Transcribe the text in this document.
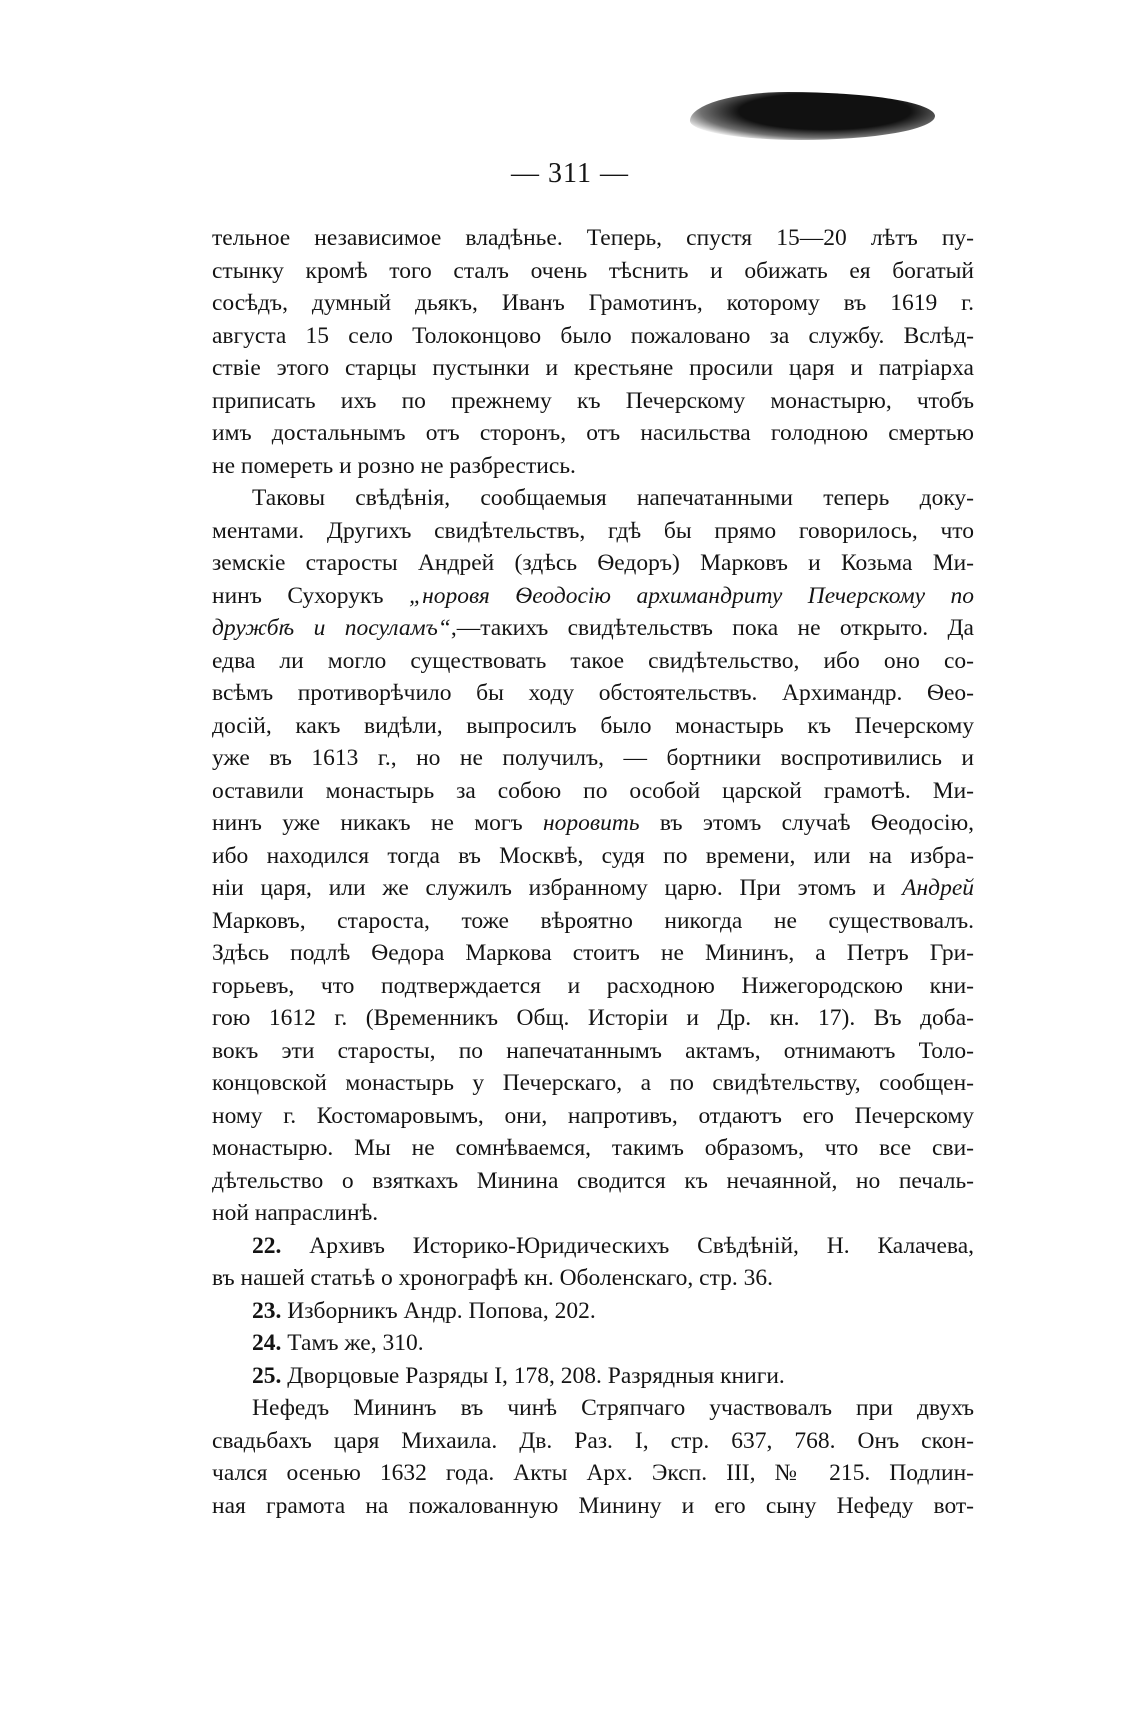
— 311 —
тельное независимое владѣнье. Теперь, спустя 15—20 лѣтъ пу-
стынку кромѣ того сталъ очень тѣснить и обижать ея богатый
сосѣдъ, думный дьякъ, Иванъ Грамотинъ, которому въ 1619 г.
августа 15 село Толоконцово было пожаловано за службу. Вслѣд-
ствіе этого старцы пустынки и крестьяне просили царя и патріарха
приписать ихъ по прежнему къ Печерскому монастырю, чтобъ
имъ достальнымъ отъ сторонъ, отъ насильства голодною смертью
не помереть и розно не разбрестись.
Таковы свѣдѣнія, сообщаемыя напечатанными теперь доку-
ментами. Другихъ свидѣтельствъ, гдѣ бы прямо говорилось, что
земскіе старосты Андрей (здѣсь Ѳедоръ) Марковъ и Козьма Ми-
нинъ Сухорукъ „норовя Ѳеодосію архимандриту Печерскому по
дружбѣ и посуламъ“,—такихъ свидѣтельствъ пока не открыто. Да
едва ли могло существовать такое свидѣтельство, ибо оно со-
всѣмъ противорѣчило бы ходу обстоятельствъ. Архимандр. Ѳео-
досій, какъ видѣли, выпросилъ было монастырь къ Печерскому
уже въ 1613 г., но не получилъ, — бортники воспротивились и
оставили монастырь за собою по особой царской грамотѣ. Ми-
нинъ уже никакъ не могъ норовить въ этомъ случаѣ Ѳеодосію,
ибо находился тогда въ Москвѣ, судя по времени, или на избра-
ніи царя, или же служилъ избранному царю. При этомъ и Андрей
Марковъ, староста, тоже вѣроятно никогда не существовалъ.
Здѣсь подлѣ Ѳедора Маркова стоитъ не Мининъ, а Петръ Гри-
горьевъ, что подтверждается и расходною Нижегородскою кни-
гою 1612 г. (Временникъ Общ. Исторіи и Др. кн. 17). Въ доба-
вокъ эти старосты, по напечатаннымъ актамъ, отнимаютъ Толо-
концовской монастырь у Печерскаго, а по свидѣтельству, сообщен-
ному г. Костомаровымъ, они, напротивъ, отдаютъ его Печерскому
монастырю. Мы не сомнѣваемся, такимъ образомъ, что все сви-
дѣтельство о взяткахъ Минина сводится къ нечаянной, но печаль-
ной напраслинѣ.
22. Архивъ Историко-Юридическихъ Свѣдѣній, Н. Калачева,
въ нашей статьѣ о хронографѣ кн. Оболенскаго, стр. 36.
23. Изборникъ Андр. Попова, 202.
24. Тамъ же, 310.
25. Дворцовые Разряды I, 178, 208. Разрядныя книги.
Нефедъ Мининъ въ чинѣ Стряпчаго участвовалъ при двухъ
свадьбахъ царя Михаила. Дв. Раз. I, стр. 637, 768. Онъ скон-
чался осенью 1632 года. Акты Арх. Эксп. III, № 215. Подлин-
ная грамота на пожалованную Минину и его сыну Нефеду вот-
